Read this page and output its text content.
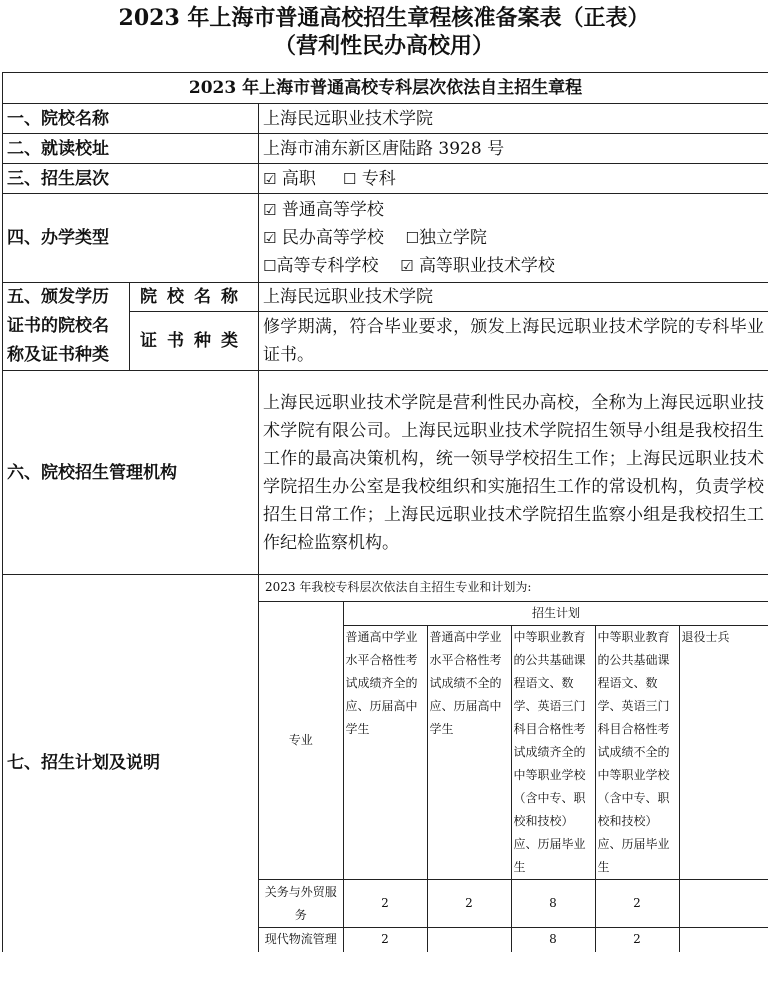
2023 年上海市普通高校招生章程核准备案表（正表）
（营利性民办高校用）
2023 年上海市普通高校专科层次依法自主招生章程
一、院校名称	上海民远职业技术学院
二、就读校址	上海市浦东新区唐陆路 3928 号
三、招生层次	☑ 高职 ☐ 专科
四、办学类型	
☑ 普通高等学校
☑ 民办高等学校 ☐独立学院
☐高等专科学校 ☑ 高等职业技术学校

五、颁发学历证书的院校名称及证书种类	院校名称	上海民远职业技术学院
证书种类	修学期满，符合毕业要求，颁发上海民远职业技术学院的专科毕业证书。
六、院校招生管理机构	上海民远职业技术学院是营利性民办高校，全称为上海民远职业技术学院有限公司。上海民远职业技术学院招生领导小组是我校招生工作的最高决策机构，统一领导学校招生工作；上海民远职业技术学院招生办公室是我校组织和实施招生工作的常设机构，负责学校招生日常工作；上海民远职业技术学院招生监察小组是我校招生工作纪检监察机构。
七、招生计划及说明	
2023 年我校专科层次依法自主招生专业和计划为:
专业	招生计划
普通高中学业水平合格性考试成绩齐全的应、历届高中学生	普通高中学业水平合格性考试成绩不全的应、历届高中学生	中等职业教育的公共基础课程语文、数学、英语三门科目合格性考试成绩齐全的中等职业学校（含中专、职校和技校）应、历届毕业生	中等职业教育的公共基础课程语文、数学、英语三门科目合格性考试成绩不全的中等职业学校（含中专、职校和技校）应、历届毕业生	退役士兵
关务与外贸服务	2	2	8	2	
现代物流管理	2		8	2	
